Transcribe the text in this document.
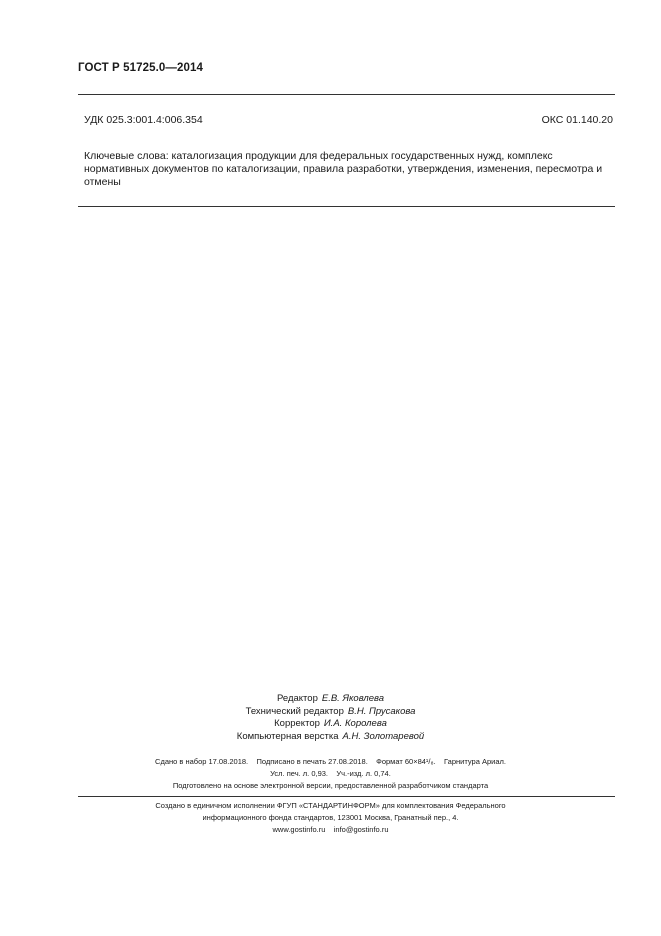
ГОСТ Р 51725.0—2014
УДК 025.3:001.4:006.354	ОКС 01.140.20
Ключевые слова: каталогизация продукции для федеральных государственных нужд, комплекс нормативных документов по каталогизации, правила разработки, утверждения, изменения, пересмотра и отмены
Редактор Е.В. Яковлева
Технический редактор В.Н. Прусакова
Корректор И.А. Королева
Компьютерная верстка А.Н. Золотаревой
Сдано в набор 17.08.2018.    Подписано в печать 27.08.2018.    Формат 60×84¹/₈.    Гарнитура Ариал.
Усл. печ. л. 0,93.    Уч.-изд. л. 0,74.
Подготовлено на основе электронной версии, предоставленной разработчиком стандарта
Создано в единичном исполнении ФГУП «СТАНДАРТИНФОРМ» для комплектования Федерального
информационного фонда стандартов, 123001 Москва, Гранатный пер., 4.
www.gostinfo.ru    info@gostinfo.ru
